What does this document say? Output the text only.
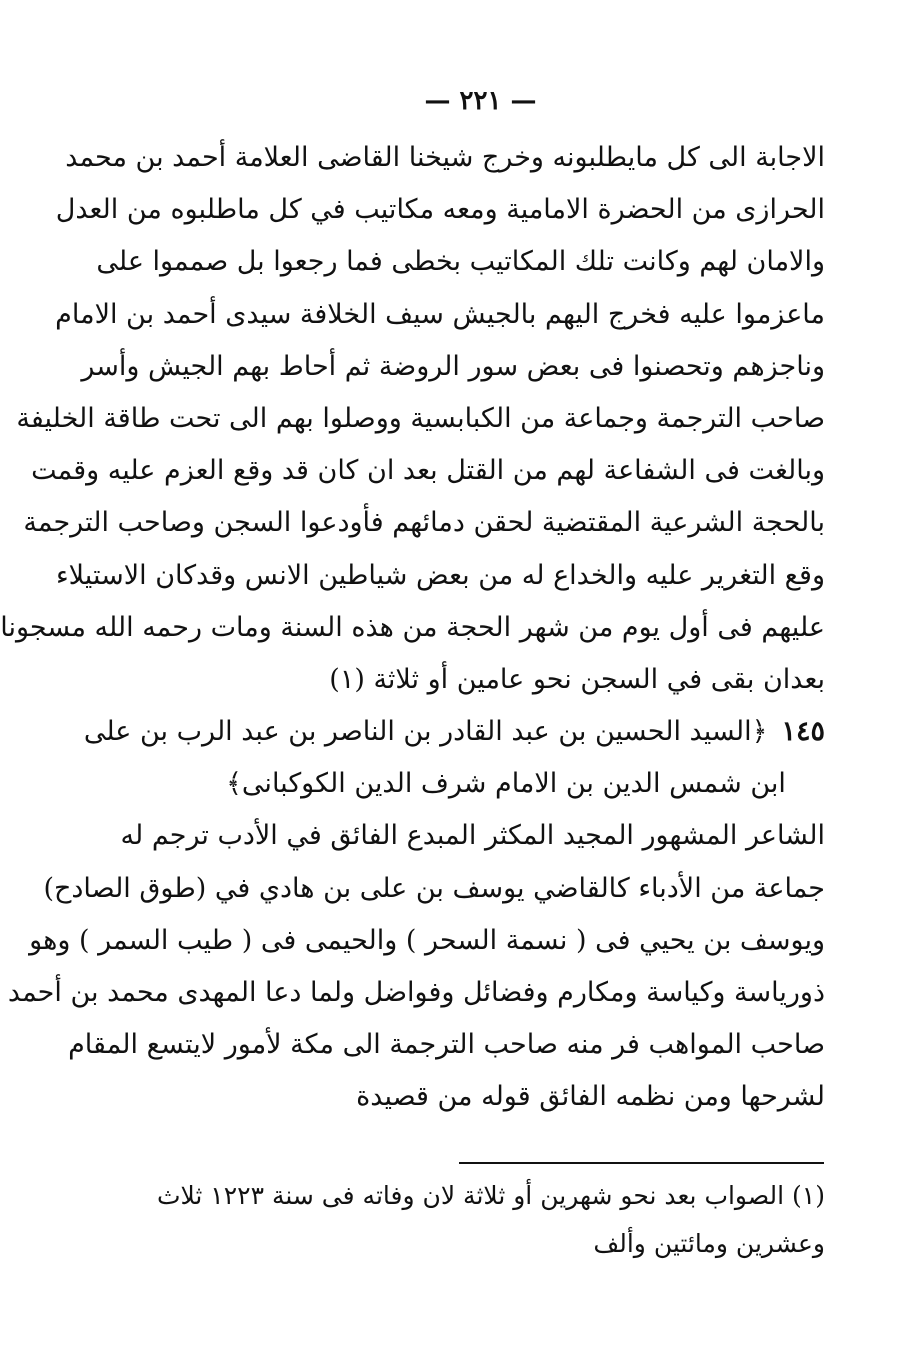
— ٢٢١ —
الاجابة الى كل مايطلبونه وخرج شيخنا القاضى العلامة أحمد بن محمد
الحرازى من الحضرة الامامية ومعه مكاتيب في كل ماطلبوه من العدل
والامان لهم وكانت تلك المكاتيب بخطى فما رجعوا بل صمموا على
ماعزموا عليه فخرج اليهم بالجيش سيف الخلافة سيدى أحمد بن الامام
وناجزهم وتحصنوا فى بعض سور الروضة ثم أحاط بهم الجيش وأسر
صاحب الترجمة وجماعة من الكبابسية ووصلوا بهم الى تحت طاقة الخليفة
وبالغت فى الشفاعة لهم من القتل بعد ان كان قد وقع العزم عليه وقمت
بالحجة الشرعية المقتضية لحقن دمائهم فأودعوا السجن وصاحب الترجمة
وقع التغرير عليه والخداع له من بعض شياطين الانس وقدكان الاستيلاء
عليهم فى أول يوم من شهر الحجة من هذه السنة ومات رحمه الله مسجونا
بعدان بقى في السجن نحو عامين أو ثلاثة (١)
١٤٥
﴿السيد الحسين بن عبد القادر بن الناصر بن عبد الرب بن على
ابن شمس الدين بن الامام شرف الدين الكوكبانى﴾
الشاعر المشهور المجيد المكثر المبدع الفائق في الأدب ترجم له
جماعة من الأدباء كالقاضي يوسف بن على بن هادي في (طوق الصادح)
ويوسف بن يحيي فى ( نسمة السحر ) والحيمى فى ( طيب السمر ) وهو
ذورياسة وكياسة ومكارم وفضائل وفواضل ولما دعا المهدى محمد بن أحمد
صاحب المواهب فر منه صاحب الترجمة الى مكة لأمور لايتسع المقام
لشرحها ومن نظمه الفائق قوله من قصيدة
(١) الصواب بعد نحو شهرين أو ثلاثة لان وفاته فى سنة ١٢٢٣ ثلاث
وعشرين ومائتين وألف
